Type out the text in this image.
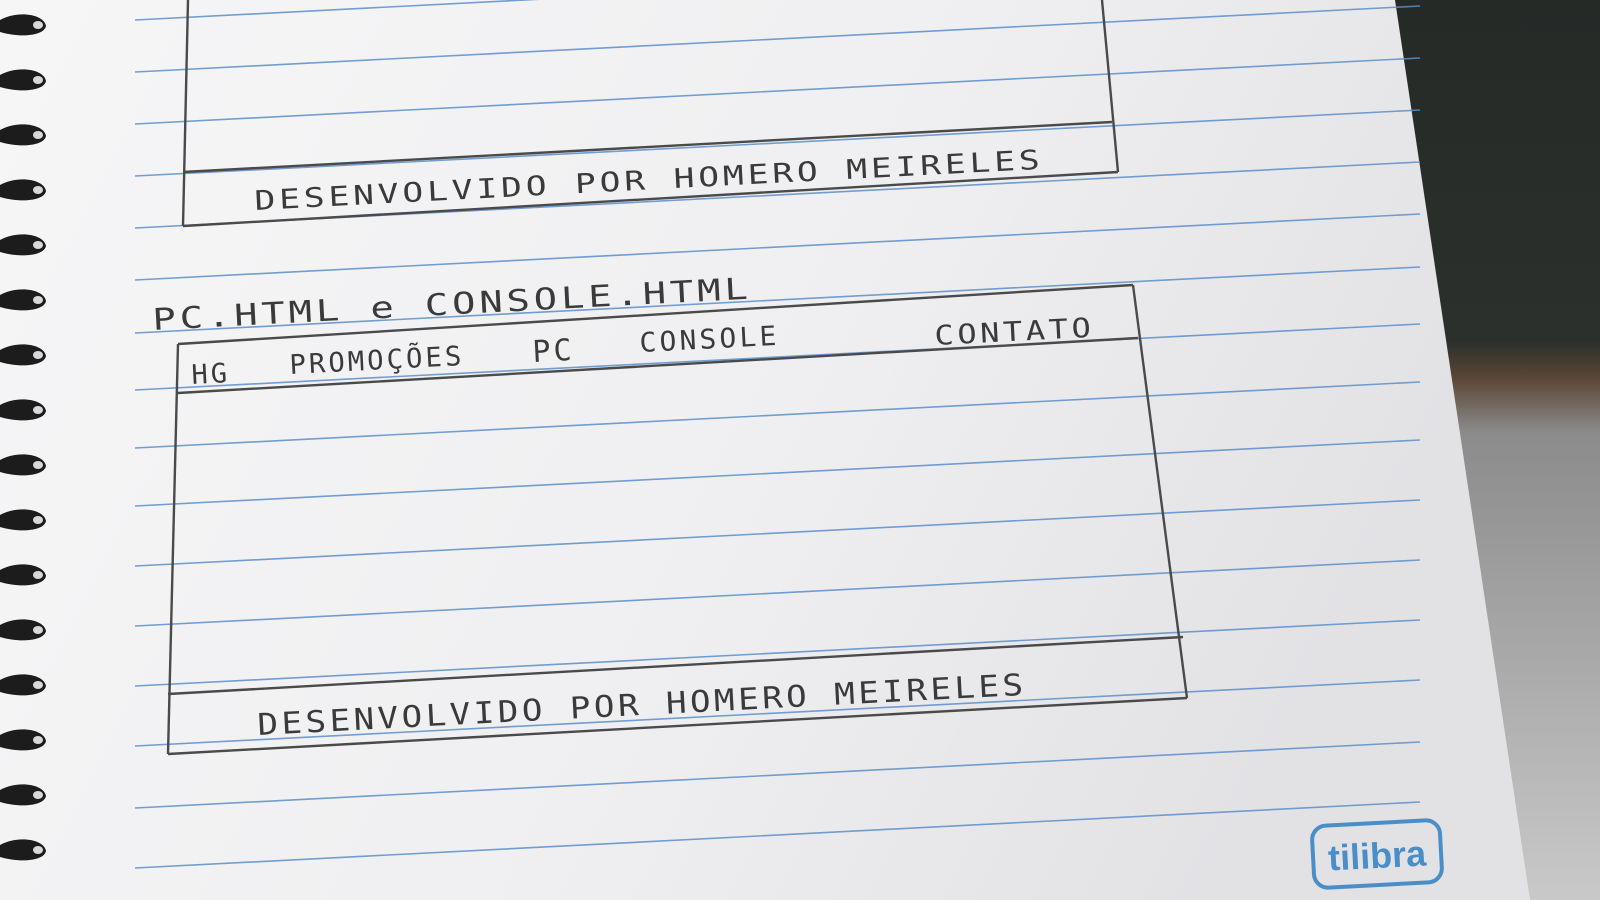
DESENVOLVIDO POR HOMERO MEIRELES
PC.HTML e CONSOLE.HTML
HG PROMOÇÕES PC CONSOLE	CONTATO
DESENVOLVIDO POR HOMERO MEIRELES
tilibra
